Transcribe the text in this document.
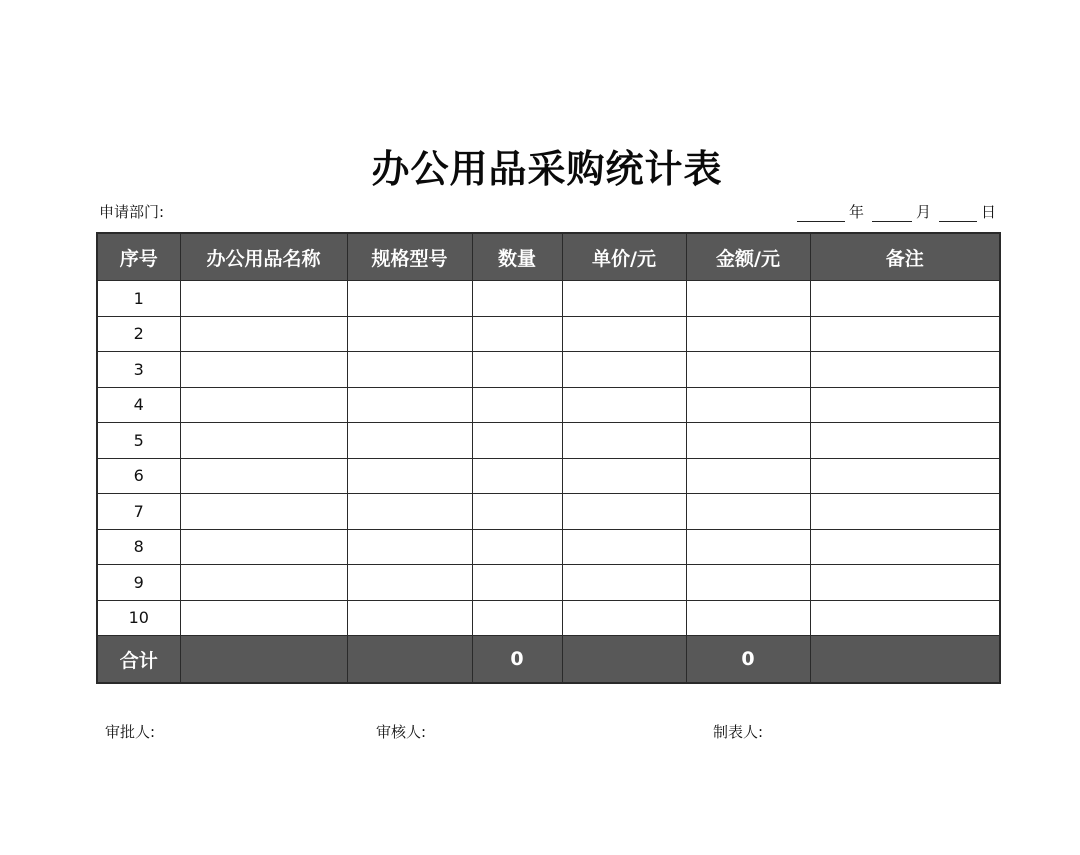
办公用品采购统计表
申请部门:	年	月	日
序号	办公用品名称	规格型号	数量	单价/元	金额/元	备注
1						
2						
3						
4						
5						
6						
7						
8						
9						
10						
合计			0		0	
审批人:	审核人:	制表人:
